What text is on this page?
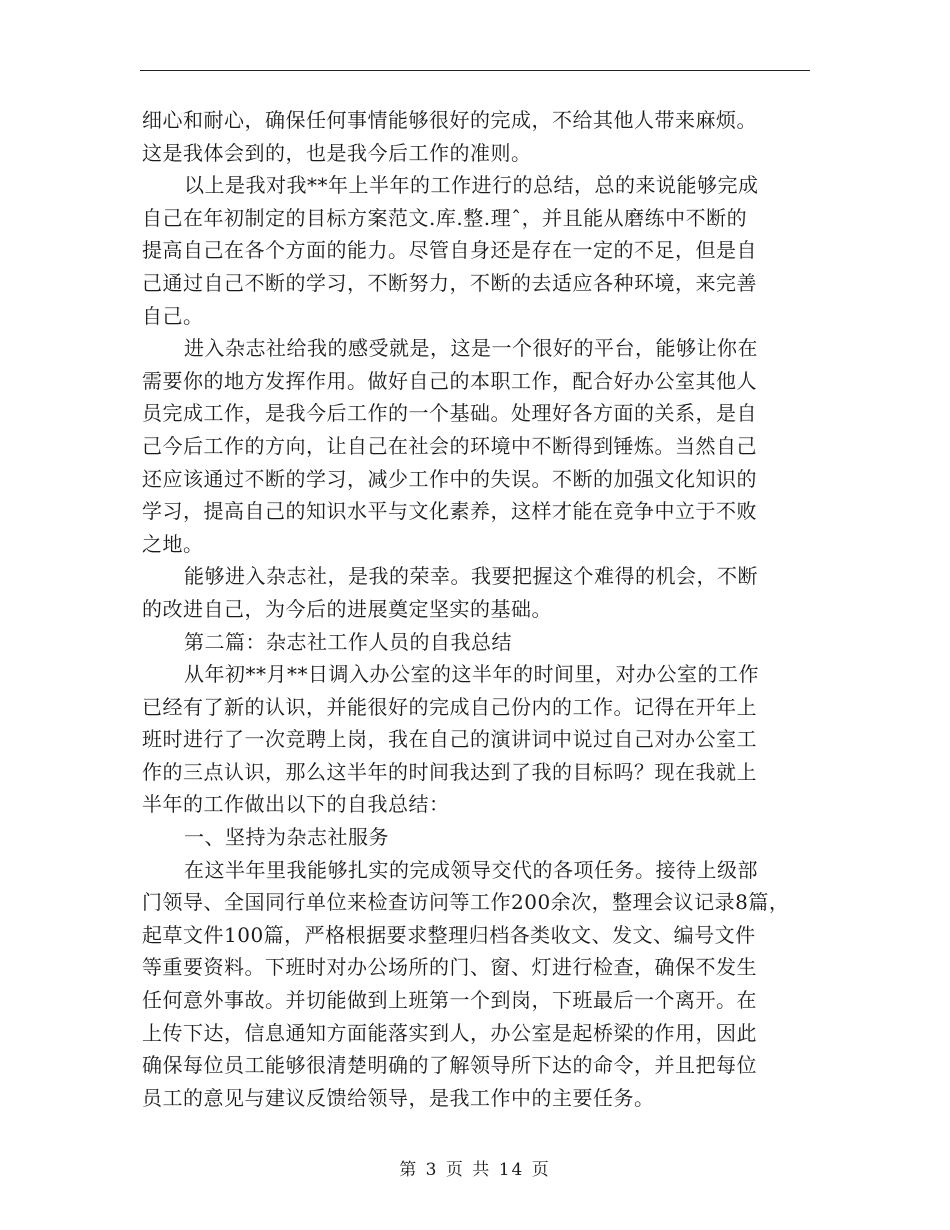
细心和耐心，确保任何事情能够很好的完成，不给其他人带来麻烦。
这是我体会到的，也是我今后工作的准则。
以上是我对我**年上半年的工作进行的总结，总的来说能够完成
自己在年初制定的目标方案范文.库.整.理ˆ，并且能从磨练中不断的
提高自己在各个方面的能力。尽管自身还是存在一定的不足，但是自
己通过自己不断的学习，不断努力，不断的去适应各种环境，来完善
自己。
进入杂志社给我的感受就是，这是一个很好的平台，能够让你在
需要你的地方发挥作用。做好自己的本职工作，配合好办公室其他人
员完成工作，是我今后工作的一个基础。处理好各方面的关系，是自
己今后工作的方向，让自己在社会的环境中不断得到锤炼。当然自己
还应该通过不断的学习，减少工作中的失误。不断的加强文化知识的
学习，提高自己的知识水平与文化素养，这样才能在竞争中立于不败
之地。
能够进入杂志社，是我的荣幸。我要把握这个难得的机会，不断
的改进自己，为今后的进展奠定坚实的基础。
第二篇：杂志社工作人员的自我总结
从年初**月**日调入办公室的这半年的时间里，对办公室的工作
已经有了新的认识，并能很好的完成自己份内的工作。记得在开年上
班时进行了一次竞聘上岗，我在自己的演讲词中说过自己对办公室工
作的三点认识，那么这半年的时间我达到了我的目标吗？现在我就上
半年的工作做出以下的自我总结：
一、坚持为杂志社服务
在这半年里我能够扎实的完成领导交代的各项任务。接待上级部
门领导、全国同行单位来检查访问等工作200余次，整理会议记录8篇，
起草文件100篇，严格根据要求整理归档各类收文、发文、编号文件
等重要资料。下班时对办公场所的门、窗、灯进行检查，确保不发生
任何意外事故。并切能做到上班第一个到岗，下班最后一个离开。在
上传下达，信息通知方面能落实到人，办公室是起桥梁的作用，因此
确保每位员工能够很清楚明确的了解领导所下达的命令，并且把每位
员工的意见与建议反馈给领导，是我工作中的主要任务。
第 3 页 共 14 页
